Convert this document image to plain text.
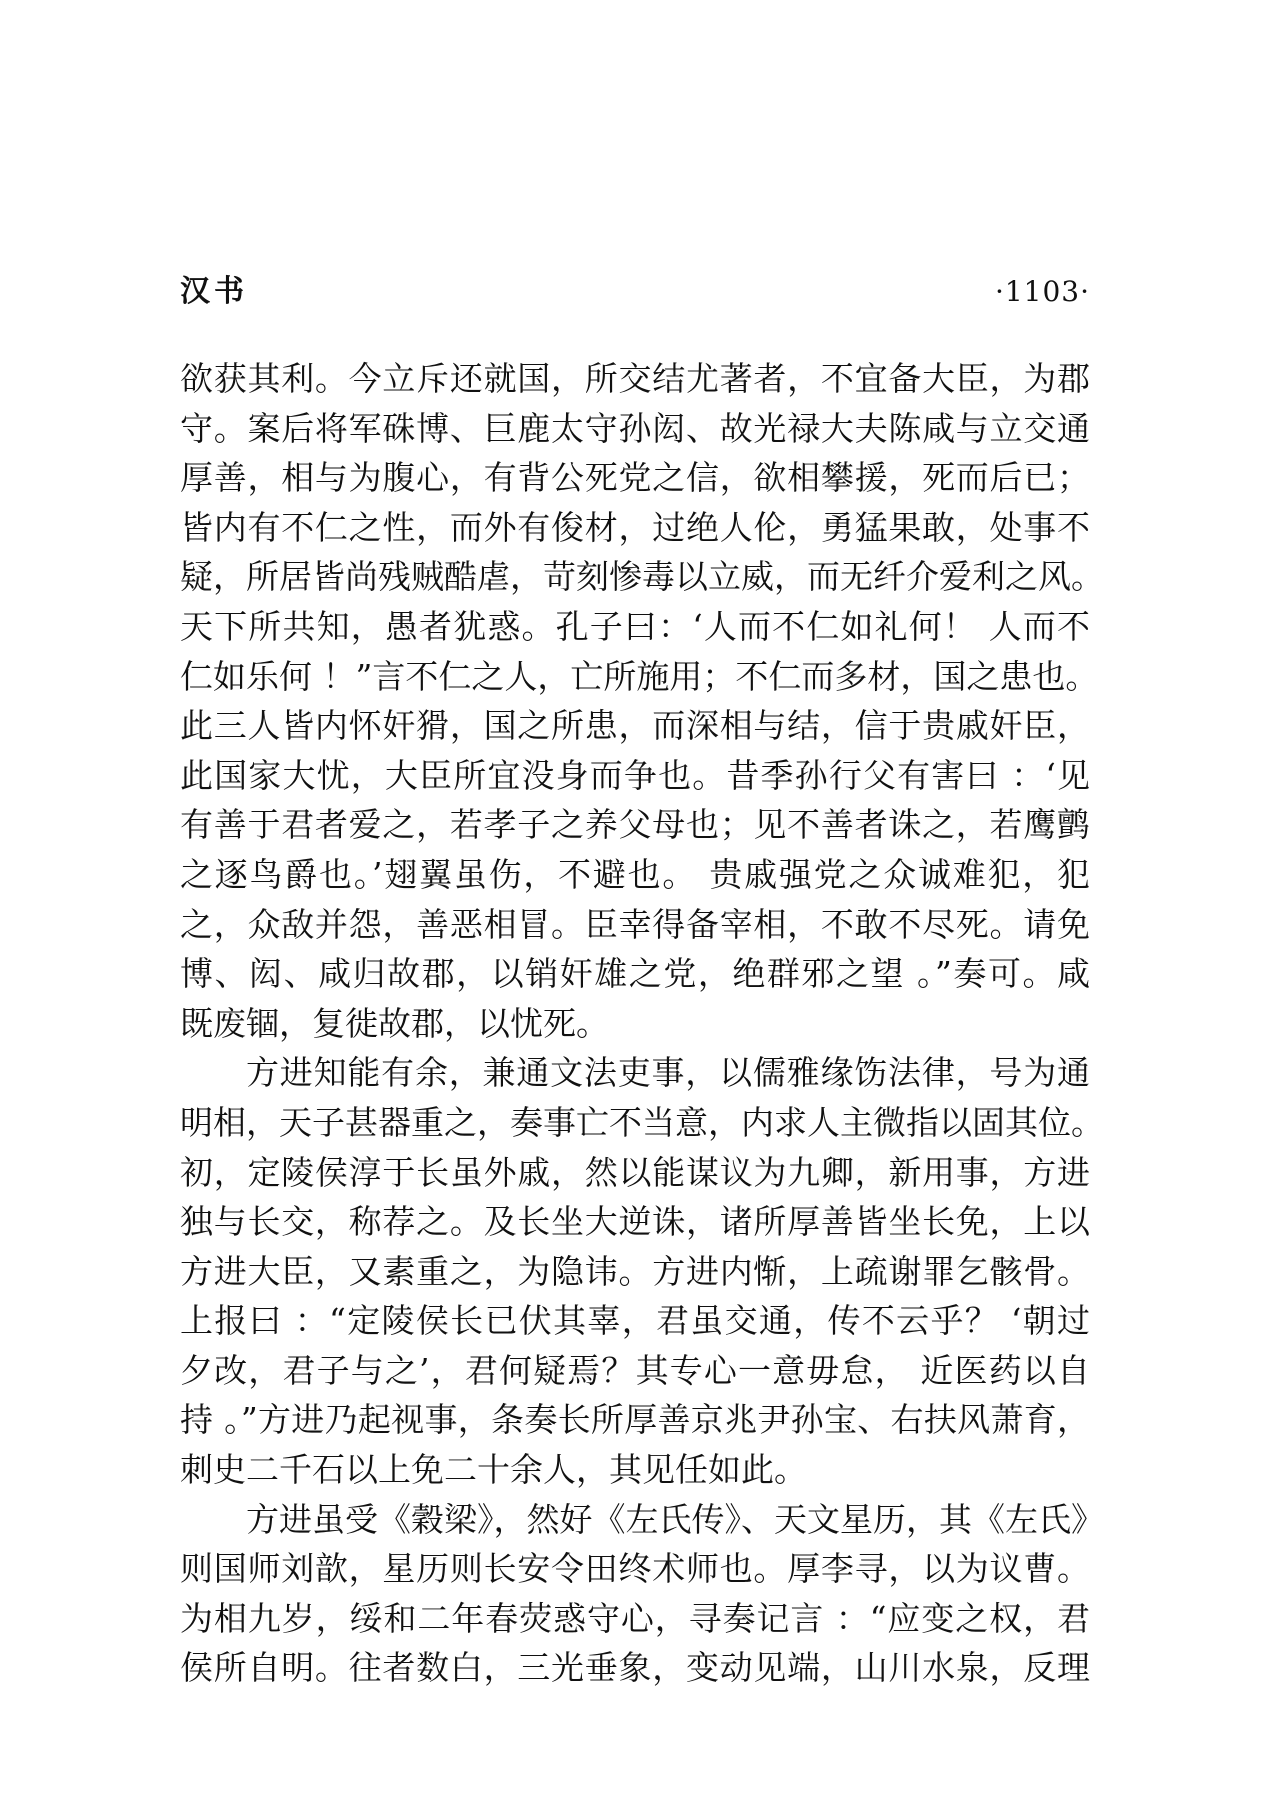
汉书	·1103·
欲获其利。今立斥还就国，所交结尤著者，不宜备大臣，为郡
守。案后将军硃博、巨鹿太守孙闳、故光禄大夫陈咸与立交通
厚善，相与为腹心，有背公死党之信，欲相攀援，死而后已；
皆内有不仁之性，而外有俊材，过绝人伦，勇猛果敢，处事不
疑，所居皆尚残贼酷虐，苛刻惨毒以立威，而无纤介爱利之风。
天下所共知，愚者犹惑。孔子曰：‘人而不仁如礼何！ 人而不
仁如乐何 ！”言不仁之人，亡所施用；不仁而多材，国之患也。
此三人皆内怀奸猾，国之所患，而深相与结，信于贵戚奸臣，
此国家大忧，大臣所宜没身而争也。昔季孙行父有害曰 ：‘见
有善于君者爱之，若孝子之养父母也；见不善者诛之，若鹰鹯
之逐鸟爵也。’翅翼虽伤，不避也。 贵戚强党之众诚难犯，犯
之，众敌并怨，善恶相冒。臣幸得备宰相，不敢不尽死。请免
博、闳、咸归故郡，以销奸雄之党，绝群邪之望 。”奏可。咸
既废锢，复徙故郡，以忧死。
方进知能有余，兼通文法吏事，以儒雅缘饬法律，号为通
明相，天子甚器重之，奏事亡不当意，内求人主微指以固其位。
初，定陵侯淳于长虽外戚，然以能谋议为九卿，新用事，方进
独与长交，称荐之。及长坐大逆诛，诸所厚善皆坐长免，上以
方进大臣，又素重之，为隐讳。方进内惭，上疏谢罪乞骸骨。
上报曰 ：“定陵侯长已伏其辜，君虽交通，传不云乎？ ‘朝过
夕改，君子与之’，君何疑焉？其专心一意毋怠， 近医药以自
持 。”方进乃起视事，条奏长所厚善京兆尹孙宝、右扶风萧育，
刺史二千石以上免二十余人，其见任如此。
方进虽受《穀梁》，然好《左氏传》、天文星历，其《左氏》
则国师刘歆，星历则长安令田终术师也。厚李寻，以为议曹。
为相九岁，绥和二年春荧惑守心，寻奏记言 ：“应变之权，君
侯所自明。往者数白，三光垂象，变动见端，山川水泉，反理
